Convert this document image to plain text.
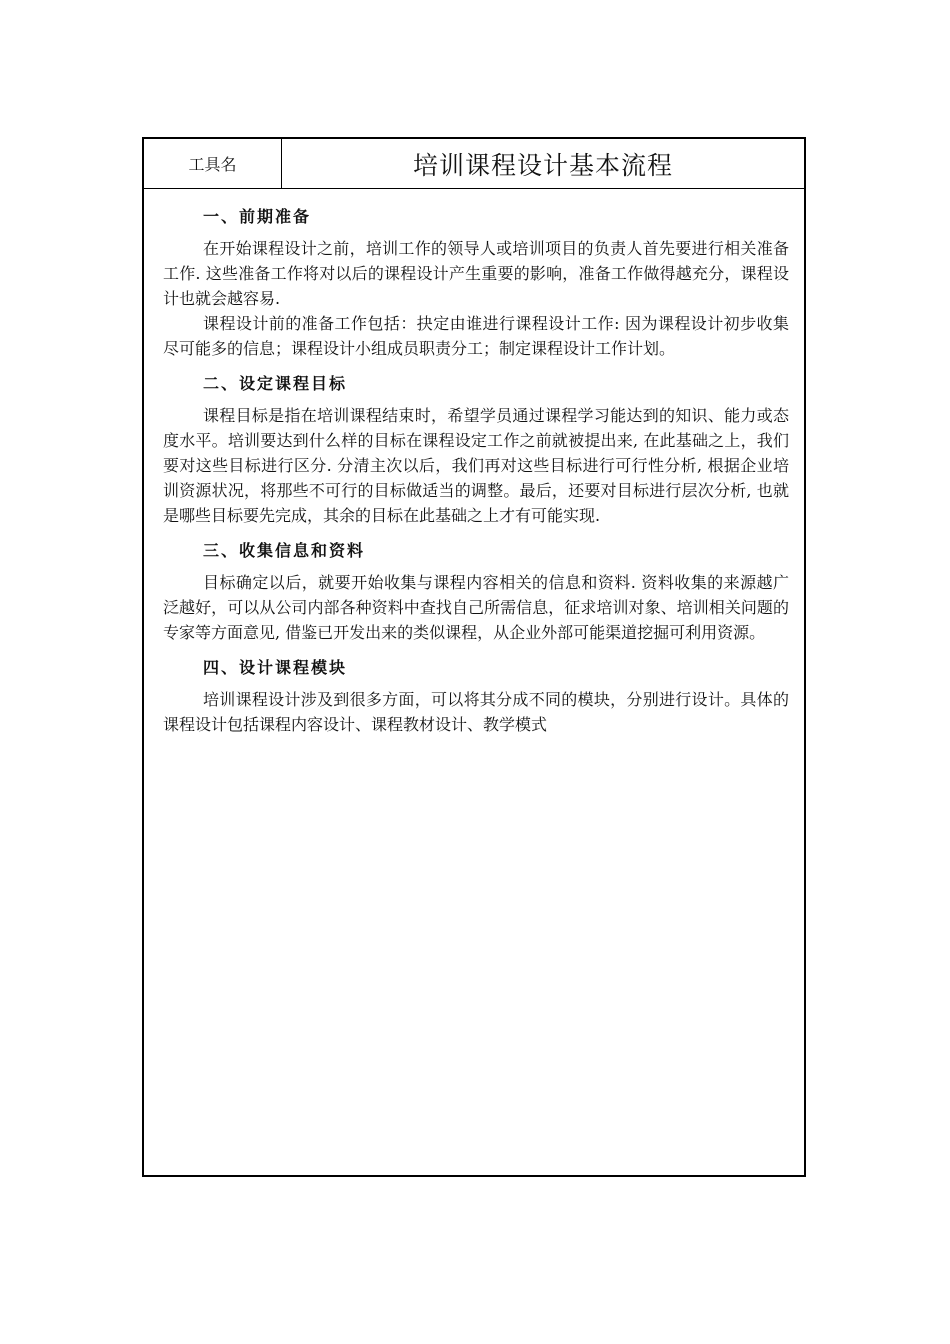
工具名	培训课程设计基本流程
一、前期准备

在开始课程设计之前，培训工作的领导人或培训项目的负责人首先要进行相关准备工作. 这些准备工作将对以后的课程设计产生重要的影响，准备工作做得越充分，课程设计也就会越容易.

课程设计前的准备工作包括：抉定由谁进行课程设计工作: 因为课程设计初步收集尽可能多的信息；课程设计小组成员职责分工；制定课程设计工作计划。

二、设定课程目标

课程目标是指在培训课程结束时，希望学员通过课程学习能达到的知识、能力或态度水平。培训要达到什么样的目标在课程设定工作之前就被提出来, 在此基础之上，我们要对这些目标进行区分. 分清主次以后，我们再对这些目标进行可行性分析, 根据企业培训资源状况，将那些不可行的目标做适当的调整。最后，还要对目标进行层次分析, 也就是哪些目标要先完成，其余的目标在此基础之上才有可能实现.

三、收集信息和资料

目标确定以后，就要开始收集与课程内容相关的信息和资料. 资料收集的来源越广泛越好，可以从公司内部各种资料中查找自己所需信息，征求培训对象、培训相关问题的专家等方面意见, 借鉴已开发出来的类似课程，从企业外部可能渠道挖掘可利用资源。

四、设计课程模块

培训课程设计涉及到很多方面，可以将其分成不同的模块，分别进行设计。具体的课程设计包括课程内容设计、课程教材设计、教学模式
